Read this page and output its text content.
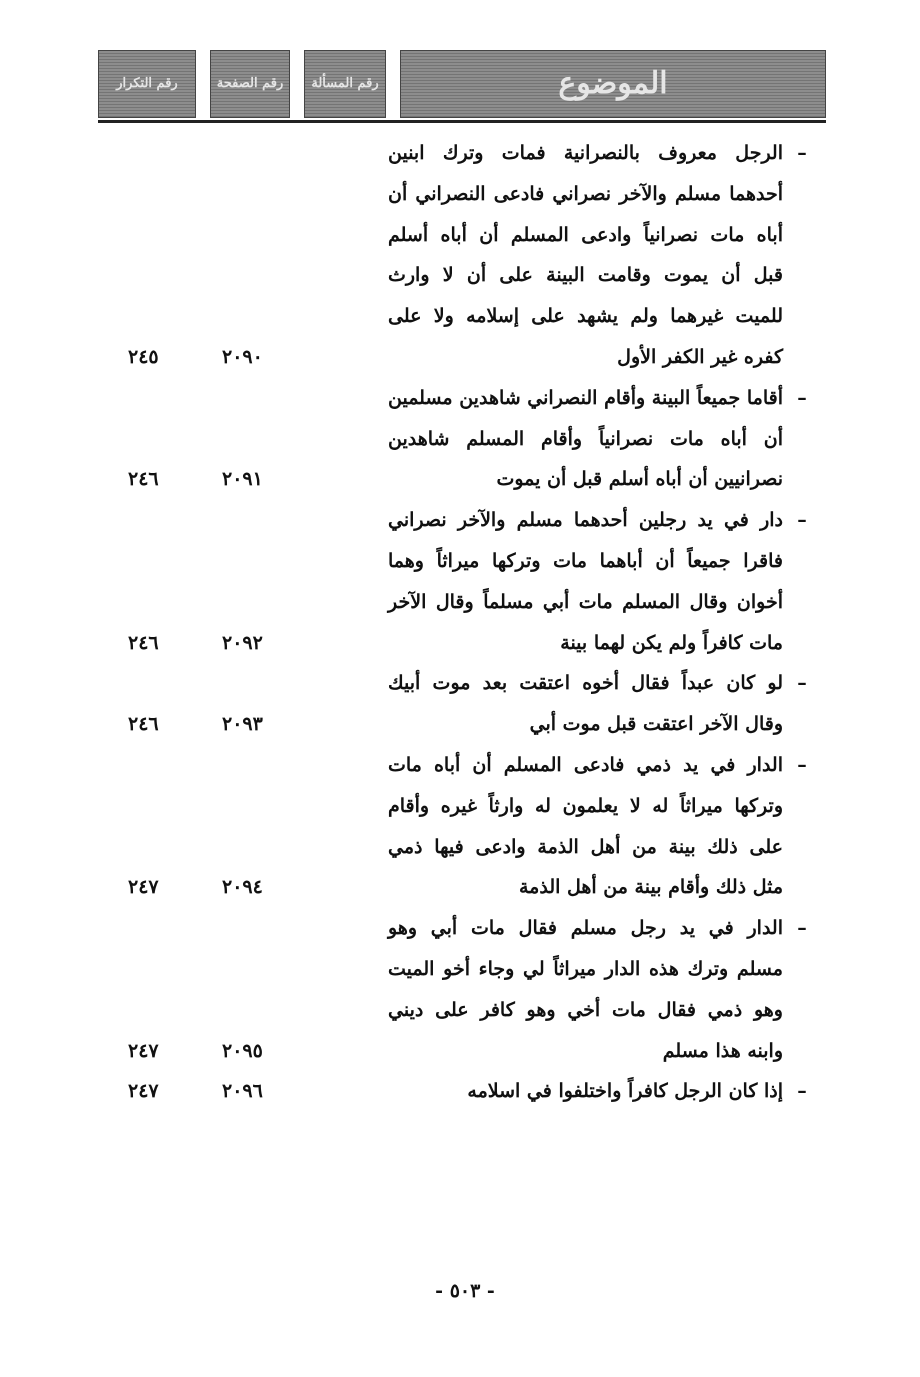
رقم التكرار	رقم الصفحة رقم المسألة	الموضوع
–
الرجل معروف بالنصرانية فمات وترك ابنين
أحدهما مسلم والآخر نصراني فادعى النصراني أن
أباه مات نصرانياً وادعى المسلم أن أباه أسلم
قبل أن يموت وقامت البينة على أن لا وارث
للميت غيرهما ولم يشهد على إسلامه ولا على
كفره غير الكفر الأول
٢٠٩٠
٢٤٥
–
أقاما جميعاً البينة وأقام النصراني شاهدين مسلمين
أن أباه مات نصرانياً وأقام المسلم شاهدين
نصرانيين أن أباه أسلم قبل أن يموت
٢٠٩١
٢٤٦
–
دار في يد رجلين أحدهما مسلم والآخر نصراني
فاقرا جميعاً أن أباهما مات وتركها ميراثاً وهما
أخوان وقال المسلم مات أبي مسلماً وقال الآخر
مات كافراً ولم يكن لهما بينة
٢٠٩٢
٢٤٦
–
لو كان عبداً فقال أخوه اعتقت بعد موت أبيك
وقال الآخر اعتقت قبل موت أبي
٢٠٩٣
٢٤٦
–
الدار في يد ذمي فادعى المسلم أن أباه مات
وتركها ميراثاً له لا يعلمون له وارثاً غيره وأقام
على ذلك بينة من أهل الذمة وادعى فيها ذمي
مثل ذلك وأقام بينة من أهل الذمة
٢٠٩٤
٢٤٧
–
الدار في يد رجل مسلم فقال مات أبي وهو
مسلم وترك هذه الدار ميراثاً لي وجاء أخو الميت
وهو ذمي فقال مات أخي وهو كافر على ديني
وابنه هذا مسلم
٢٠٩٥
٢٤٧
–
إذا كان الرجل كافراً واختلفوا في اسلامه
٢٠٩٦
٢٤٧
- ٥٠٣ -
